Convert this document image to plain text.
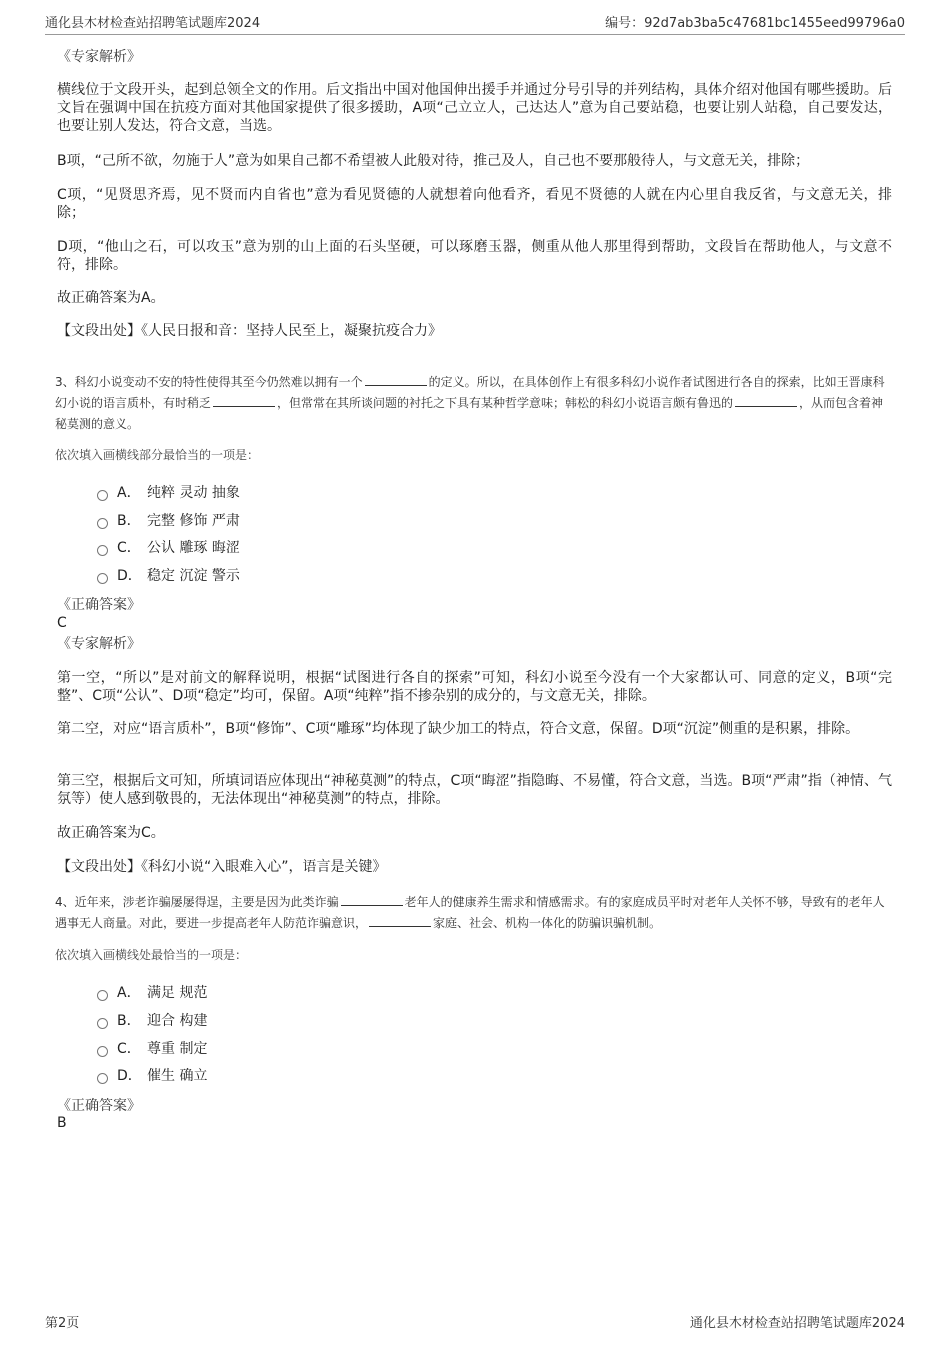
通化县木材检查站招聘笔试题库2024	编号：92d7ab3ba5c47681bc1455eed99796a0
《专家解析》
横线位于文段开头，起到总领全文的作用。后文指出中国对他国伸出援手并通过分号引导的并列结构，具体介绍对他国有哪些援助。后文旨在强调中国在抗疫方面对其他国家提供了很多援助，A项“己立立人，己达达人”意为自己要站稳，也要让别人站稳，自己要发达，也要让别人发达，符合文意，当选。
B项，“己所不欲，勿施于人”意为如果自己都不希望被人此般对待，推己及人，自己也不要那般待人，与文意无关，排除；
C项，“见贤思齐焉，见不贤而内自省也”意为看见贤德的人就想着向他看齐，看见不贤德的人就在内心里自我反省，与文意无关，排除；
D项，“他山之石，可以攻玉”意为别的山上面的石头坚硬，可以琢磨玉器，侧重从他人那里得到帮助，文段旨在帮助他人，与文意不符，排除。
故正确答案为A。
【文段出处】《人民日报和音：坚持人民至上，凝聚抗疫合力》
3、科幻小说变动不安的特性使得其至今仍然难以拥有一个	的定义。所以，在具体创作上有很多科幻小说作者试图进行各自的探索，比如王晋康科幻小说的语言质朴，有时稍乏	，但常常在其所谈问题的衬托之下具有某种哲学意味；韩松的科幻小说语言颇有鲁迅的	，从而包含着神秘莫测的意义。
依次填入画横线部分最恰当的一项是：
A． 纯粹 灵动 抽象
B． 完整 修饰 严肃
C． 公认 雕琢 晦涩
D． 稳定 沉淀 警示
《正确答案》
C
《专家解析》
第一空，“所以”是对前文的解释说明，根据“试图进行各自的探索”可知，科幻小说至今没有一个大家都认可、同意的定义，B项“完整”、C项“公认”、D项“稳定”均可，保留。A项“纯粹”指不掺杂别的成分的，与文意无关，排除。
第二空，对应“语言质朴”，B项“修饰”、C项“雕琢”均体现了缺少加工的特点，符合文意，保留。D项“沉淀”侧重的是积累，排除。
第三空，根据后文可知，所填词语应体现出“神秘莫测”的特点，C项“晦涩”指隐晦、不易懂，符合文意，当选。B项“严肃”指（神情、气氛等）使人感到敬畏的，无法体现出“神秘莫测”的特点，排除。
故正确答案为C。
【文段出处】《科幻小说“入眼难入心”，语言是关键》
4、近年来，涉老诈骗屡屡得逞，主要是因为此类诈骗	老年人的健康养生需求和情感需求。有的家庭成员平时对老年人关怀不够，导致有的老年人遇事无人商量。对此，要进一步提高老年人防范诈骗意识，	家庭、社会、机构一体化的防骗识骗机制。
依次填入画横线处最恰当的一项是：
A． 满足 规范
B． 迎合 构建
C． 尊重 制定
D． 催生 确立
《正确答案》
B
第2页	通化县木材检查站招聘笔试题库2024
